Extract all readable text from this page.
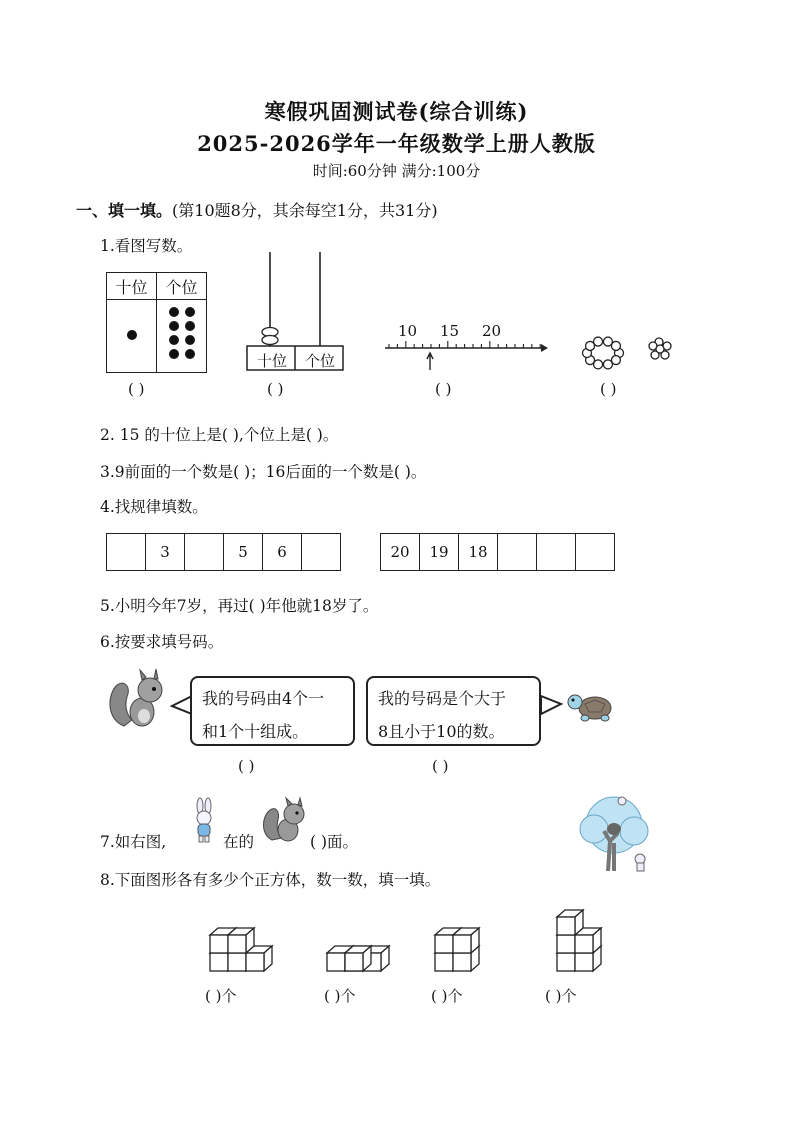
寒假巩固测试卷(综合训练)
2025-2026学年一年级数学上册人教版
时间:60分钟 满分:100分
一、填一填。(第10题8分，其余每空1分，共31分)
1.看图写数。
十位	个位

十位	个位
10 15 20
( )	( )	( )	( )
2. 15 的十位上是( ),个位上是( )。
3.9前面的一个数是( )；16后面的一个数是( )。
4.找规律填数。
	3		5	6		20	19	18			
5.小明今年7岁，再过( )年他就18岁了。
6.按要求填号码。
我的号码由4个一
和1个十组成。
我的号码是个大于
8且小于10的数。
( )	( )
7.如右图,	在的	( )面。
8.下面图形各有多少个正方体，数一数，填一填。
( )个	( )个	( )个	( )个
